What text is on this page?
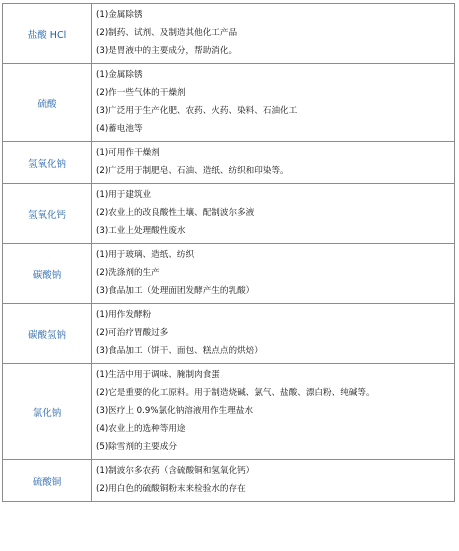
盐酸 HCl	(1)金属除锈
(2)制药、试剂、及制造其他化工产品
(3)是胃液中的主要成分，帮助消化。

硫酸	(1)金属除锈
(2)作一些气体的干燥剂
(3)广泛用于生产化肥、农药、火药、染料、石油化工
(4)蓄电池等

氢氧化钠	(1)可用作干燥剂
(2)广泛用于制肥皂、石油、造纸、纺织和印染等。

氢氧化钙	(1)用于建筑业
(2)农业上的改良酸性土壤、配制波尔多液
(3)工业上处理酸性废水

碳酸钠	(1)用于玻璃、造纸、纺织
(2)洗涤剂的生产
(3)食品加工（处理面团发酵产生的乳酸）

碳酸氢钠	(1)用作发酵粉
(2)可治疗胃酸过多
(3)食品加工（饼干、面包、糕点点的烘焙）

氯化钠	(1)生活中用于调味、腌制肉食蛋
(2)它是重要的化工原料。用于制造烧碱、氯气、盐酸、漂白粉、纯碱等。
(3)医疗上 0.9%氯化钠溶液用作生理盐水
(4)农业上的选种等用途
(5)除雪剂的主要成分

硫酸铜	(1)制波尔多农药（含硫酸铜和氢氧化钙）
(2)用白色的硫酸铜粉末来检验水的存在
